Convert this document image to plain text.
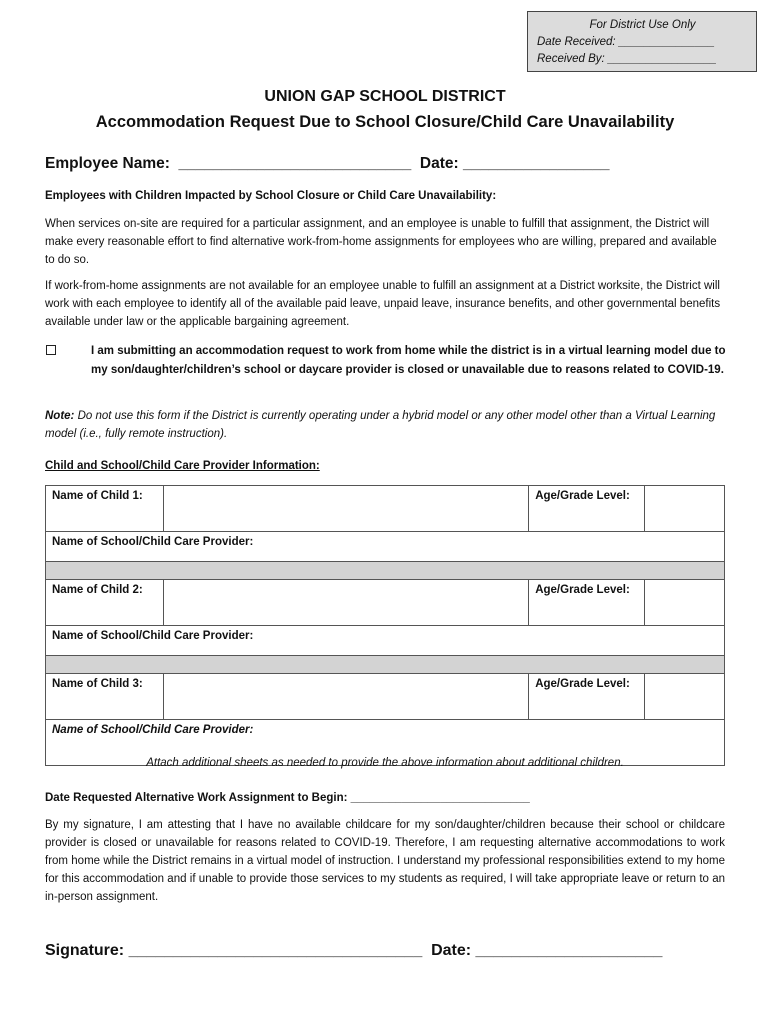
For District Use Only
Date Received: _______________
Received By: _________________
UNION GAP SCHOOL DISTRICT
Accommodation Request Due to School Closure/Child Care Unavailability
Employee Name:  ___________________________  Date: _________________
Employees with Children Impacted by School Closure or Child Care Unavailability:
When services on-site are required for a particular assignment, and an employee is unable to fulfill that assignment, the District will make every reasonable effort to find alternative work-from-home assignments for employees who are willing, prepared and available to do so.
If work-from-home assignments are not available for an employee unable to fulfill an assignment at a District worksite, the District will work with each employee to identify all of the available paid leave, unpaid leave, insurance benefits, and other governmental benefits available under law or the applicable bargaining agreement.
I am submitting an accommodation request to work from home while the district is in a virtual learning model due to my son/daughter/children’s school or daycare provider is closed or unavailable due to reasons related to COVID-19.
Note: Do not use this form if the District is currently operating under a hybrid model or any other model other than a Virtual Learning model (i.e., fully remote instruction).
Child and School/Child Care Provider Information:
Name of Child 1:		Age/Grade Level:	
Name of School/Child Care Provider:			

Name of Child 2:		Age/Grade Level:	
Name of School/Child Care Provider:			

Name of Child 3:		Age/Grade Level:	
Name of School/Child Care Provider:			
Attach additional sheets as needed to provide the above information about additional children.
Date Requested Alternative Work Assignment to Begin: ____________________________
By my signature, I am attesting that I have no available childcare for my son/daughter/children because their school or childcare provider is closed or unavailable for reasons related to COVID-19. Therefore, I am requesting alternative accommodations to work from home while the District remains in a virtual model of instruction. I understand my professional responsibilities extend to my home for this accommodation and if unable to provide those services to my students as required, I will take appropriate leave or return to an in-person assignment.
Signature: _________________________________  Date: _____________________
